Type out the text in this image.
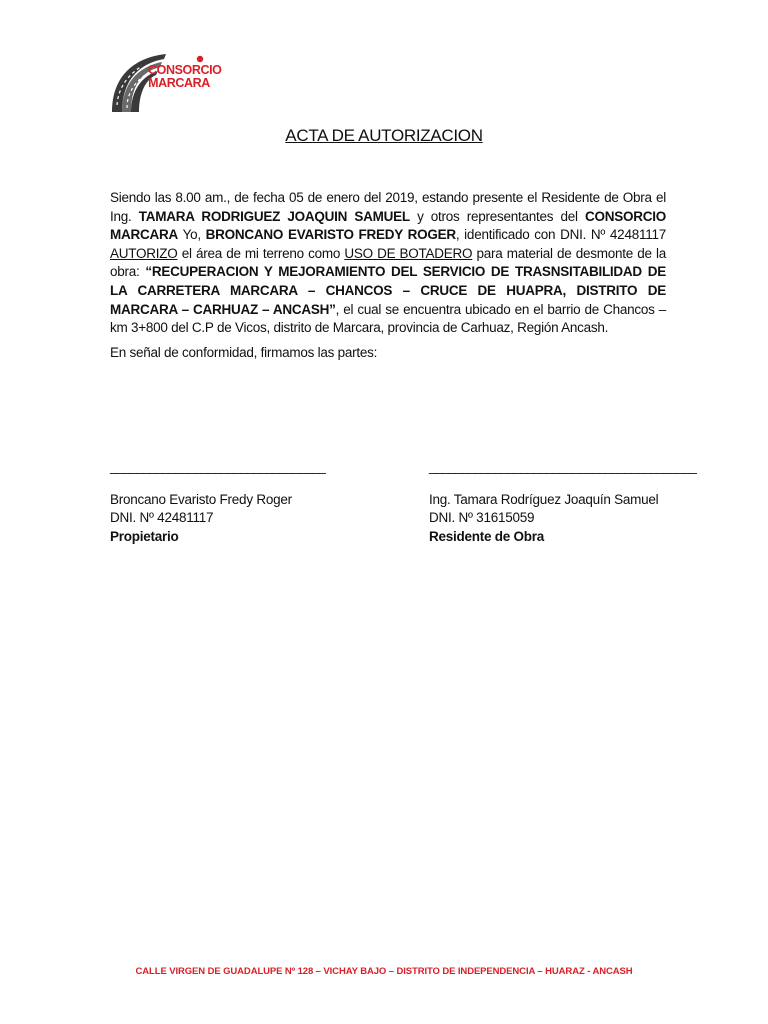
CONSORCIO
MARCARA
ACTA DE AUTORIZACION
Siendo las 8.00 am., de fecha 05 de enero del 2019, estando presente el Residente de Obra el Ing. TAMARA RODRIGUEZ JOAQUIN SAMUEL y otros representantes del CONSORCIO MARCARA Yo, BRONCANO EVARISTO FREDY ROGER, identificado con DNI. Nº 42481117 AUTORIZO el área de mi terreno como USO DE BOTADERO para material de desmonte de la obra: “RECUPERACION Y MEJORAMIENTO DEL SERVICIO DE TRASNSITABILIDAD DE LA CARRETERA MARCARA – CHANCOS – CRUCE DE HUAPRA, DISTRITO DE MARCARA – CARHUAZ – ANCASH”, el cual se encuentra ubicado en el barrio de Chancos – km 3+800 del C.P de Vicos, distrito de Marcara, provincia de Carhuaz, Región Ancash.
En señal de conformidad, firmamos las partes:
_________________________________
Broncano Evaristo Fredy Roger
DNI. Nº 42481117
Propietario
_________________________________________
Ing. Tamara Rodríguez Joaquín Samuel
DNI. Nº 31615059
Residente de Obra
CALLE VIRGEN DE GUADALUPE Nº 128 – VICHAY BAJO – DISTRITO DE INDEPENDENCIA – HUARAZ - ANCASH
